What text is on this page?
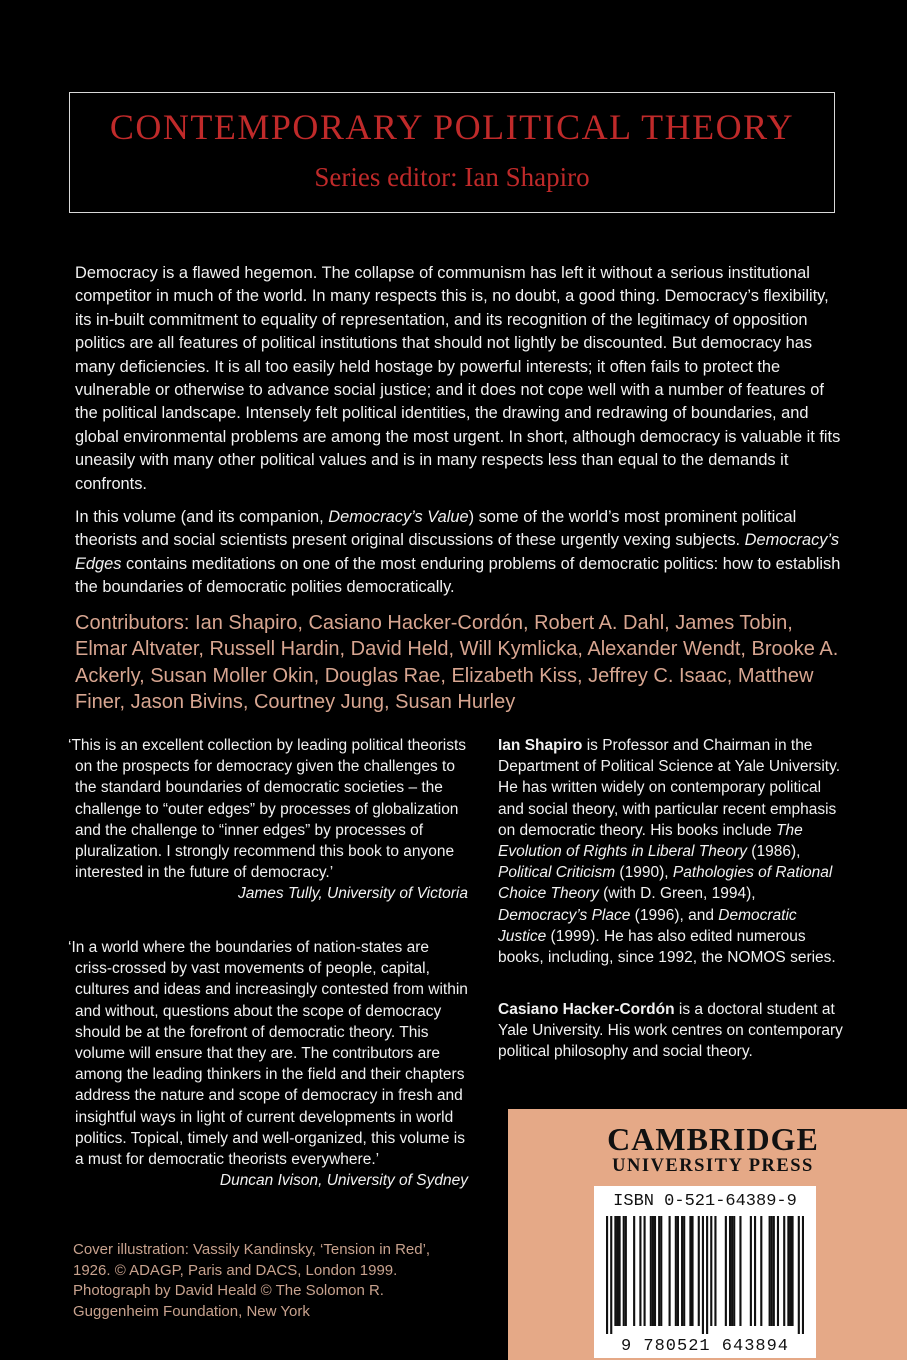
CONTEMPORARY POLITICAL THEORY
Series editor: Ian Shapiro

Democracy is a flawed hegemon. The collapse of communism has left it without a serious institutional competitor in much of the world. In many respects this is, no doubt, a good thing. Democracy’s flexibility, its in-built commitment to equality of representation, and its recognition of the legitimacy of opposition politics are all features of political institutions that should not lightly be discounted. But democracy has many deficiencies. It is all too easily held hostage by powerful interests; it often fails to protect the vulnerable or otherwise to advance social justice; and it does not cope well with a number of features of the political landscape. Intensely felt political identities, the drawing and redrawing of boundaries, and global environmental problems are among the most urgent. In short, although democracy is valuable it fits uneasily with many other political values and is in many respects less than equal to the demands it confronts.

In this volume (and its companion, Democracy’s Value) some of the world’s most prominent political theorists and social scientists present original discussions of these urgently vexing subjects. Democracy’s Edges contains meditations on one of the most enduring problems of democratic politics: how to establish the boundaries of democratic polities democratically.

Contributors: Ian Shapiro, Casiano Hacker-Cordón, Robert A. Dahl, James Tobin, Elmar Altvater, Russell Hardin, David Held, Will Kymlicka, Alexander Wendt, Brooke A. Ackerly, Susan Moller Okin, Douglas Rae, Elizabeth Kiss, Jeffrey C. Isaac, Matthew Finer, Jason Bivins, Courtney Jung, Susan Hurley

‘This is an excellent collection by leading political theorists on the prospects for democracy given the challenges to the standard boundaries of democratic societies – the challenge to “outer edges” by processes of globalization and the challenge to “inner edges” by processes of pluralization. I strongly recommend this book to anyone interested in the future of democracy.’
James Tully, University of Victoria
‘In a world where the boundaries of nation-states are criss-crossed by vast movements of people, capital, cultures and ideas and increasingly contested from within and without, questions about the scope of democracy should be at the forefront of democratic theory. This volume will ensure that they are. The contributors are among the leading thinkers in the field and their chapters address the nature and scope of democracy in fresh and insightful ways in light of current developments in world politics. Topical, timely and well-organized, this volume is a must for democratic theorists everywhere.’
Duncan Ivison, University of Sydney

Ian Shapiro is Professor and Chairman in the Department of Political Science at Yale University. He has written widely on contemporary political and social theory, with particular recent emphasis on democratic theory. His books include The Evolution of Rights in Liberal Theory (1986), Political Criticism (1990), Pathologies of Rational Choice Theory (with D. Green, 1994), Democracy’s Place (1996), and Democratic Justice (1999). He has also edited numerous books, including, since 1992, the NOMOS series.

Casiano Hacker-Cordón is a doctoral student at Yale University. His work centres on contemporary political philosophy and social theory.

Cover illustration: Vassily Kandinsky, ‘Tension in Red’, 1926. © ADAGP, Paris and DACS, London 1999. Photograph by David Heald © The Solomon R. Guggenheim Foundation, New York

CAMBRIDGE
UNIVERSITY PRESS
ISBN 0-521-64389-9
9 780521 643894
